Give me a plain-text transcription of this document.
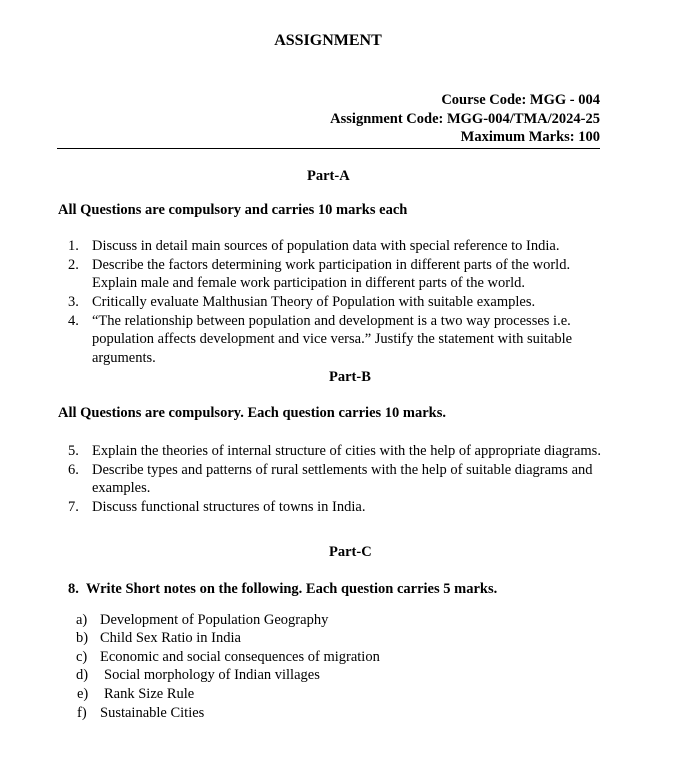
ASSIGNMENT
Course Code: MGG - 004
Assignment Code: MGG-004/TMA/2024-25
Maximum Marks: 100
Part-A
All Questions are compulsory and carries 10 marks each
1. Discuss in detail main sources of population data with special reference to India.
2. Describe the factors determining work participation in different parts of the world.
Explain male and female work participation in different parts of the world.
3. Critically evaluate Malthusian Theory of Population with suitable examples.
4. “The relationship between population and development is a two way processes i.e.
population affects development and vice versa.” Justify the statement with suitable
arguments.
Part-B
All Questions are compulsory. Each question carries 10 marks.
5. Explain the theories of internal structure of cities with the help of appropriate diagrams.
6. Describe types and patterns of rural settlements with the help of suitable diagrams and
examples.
7. Discuss functional structures of towns in India.
Part-C
8.  Write Short notes on the following. Each question carries 5 marks.
a) Development of Population Geography
b) Child Sex Ratio in India
c) Economic and social consequences of migration
d) Social morphology of Indian villages
e) Rank Size Rule
f) Sustainable Cities
